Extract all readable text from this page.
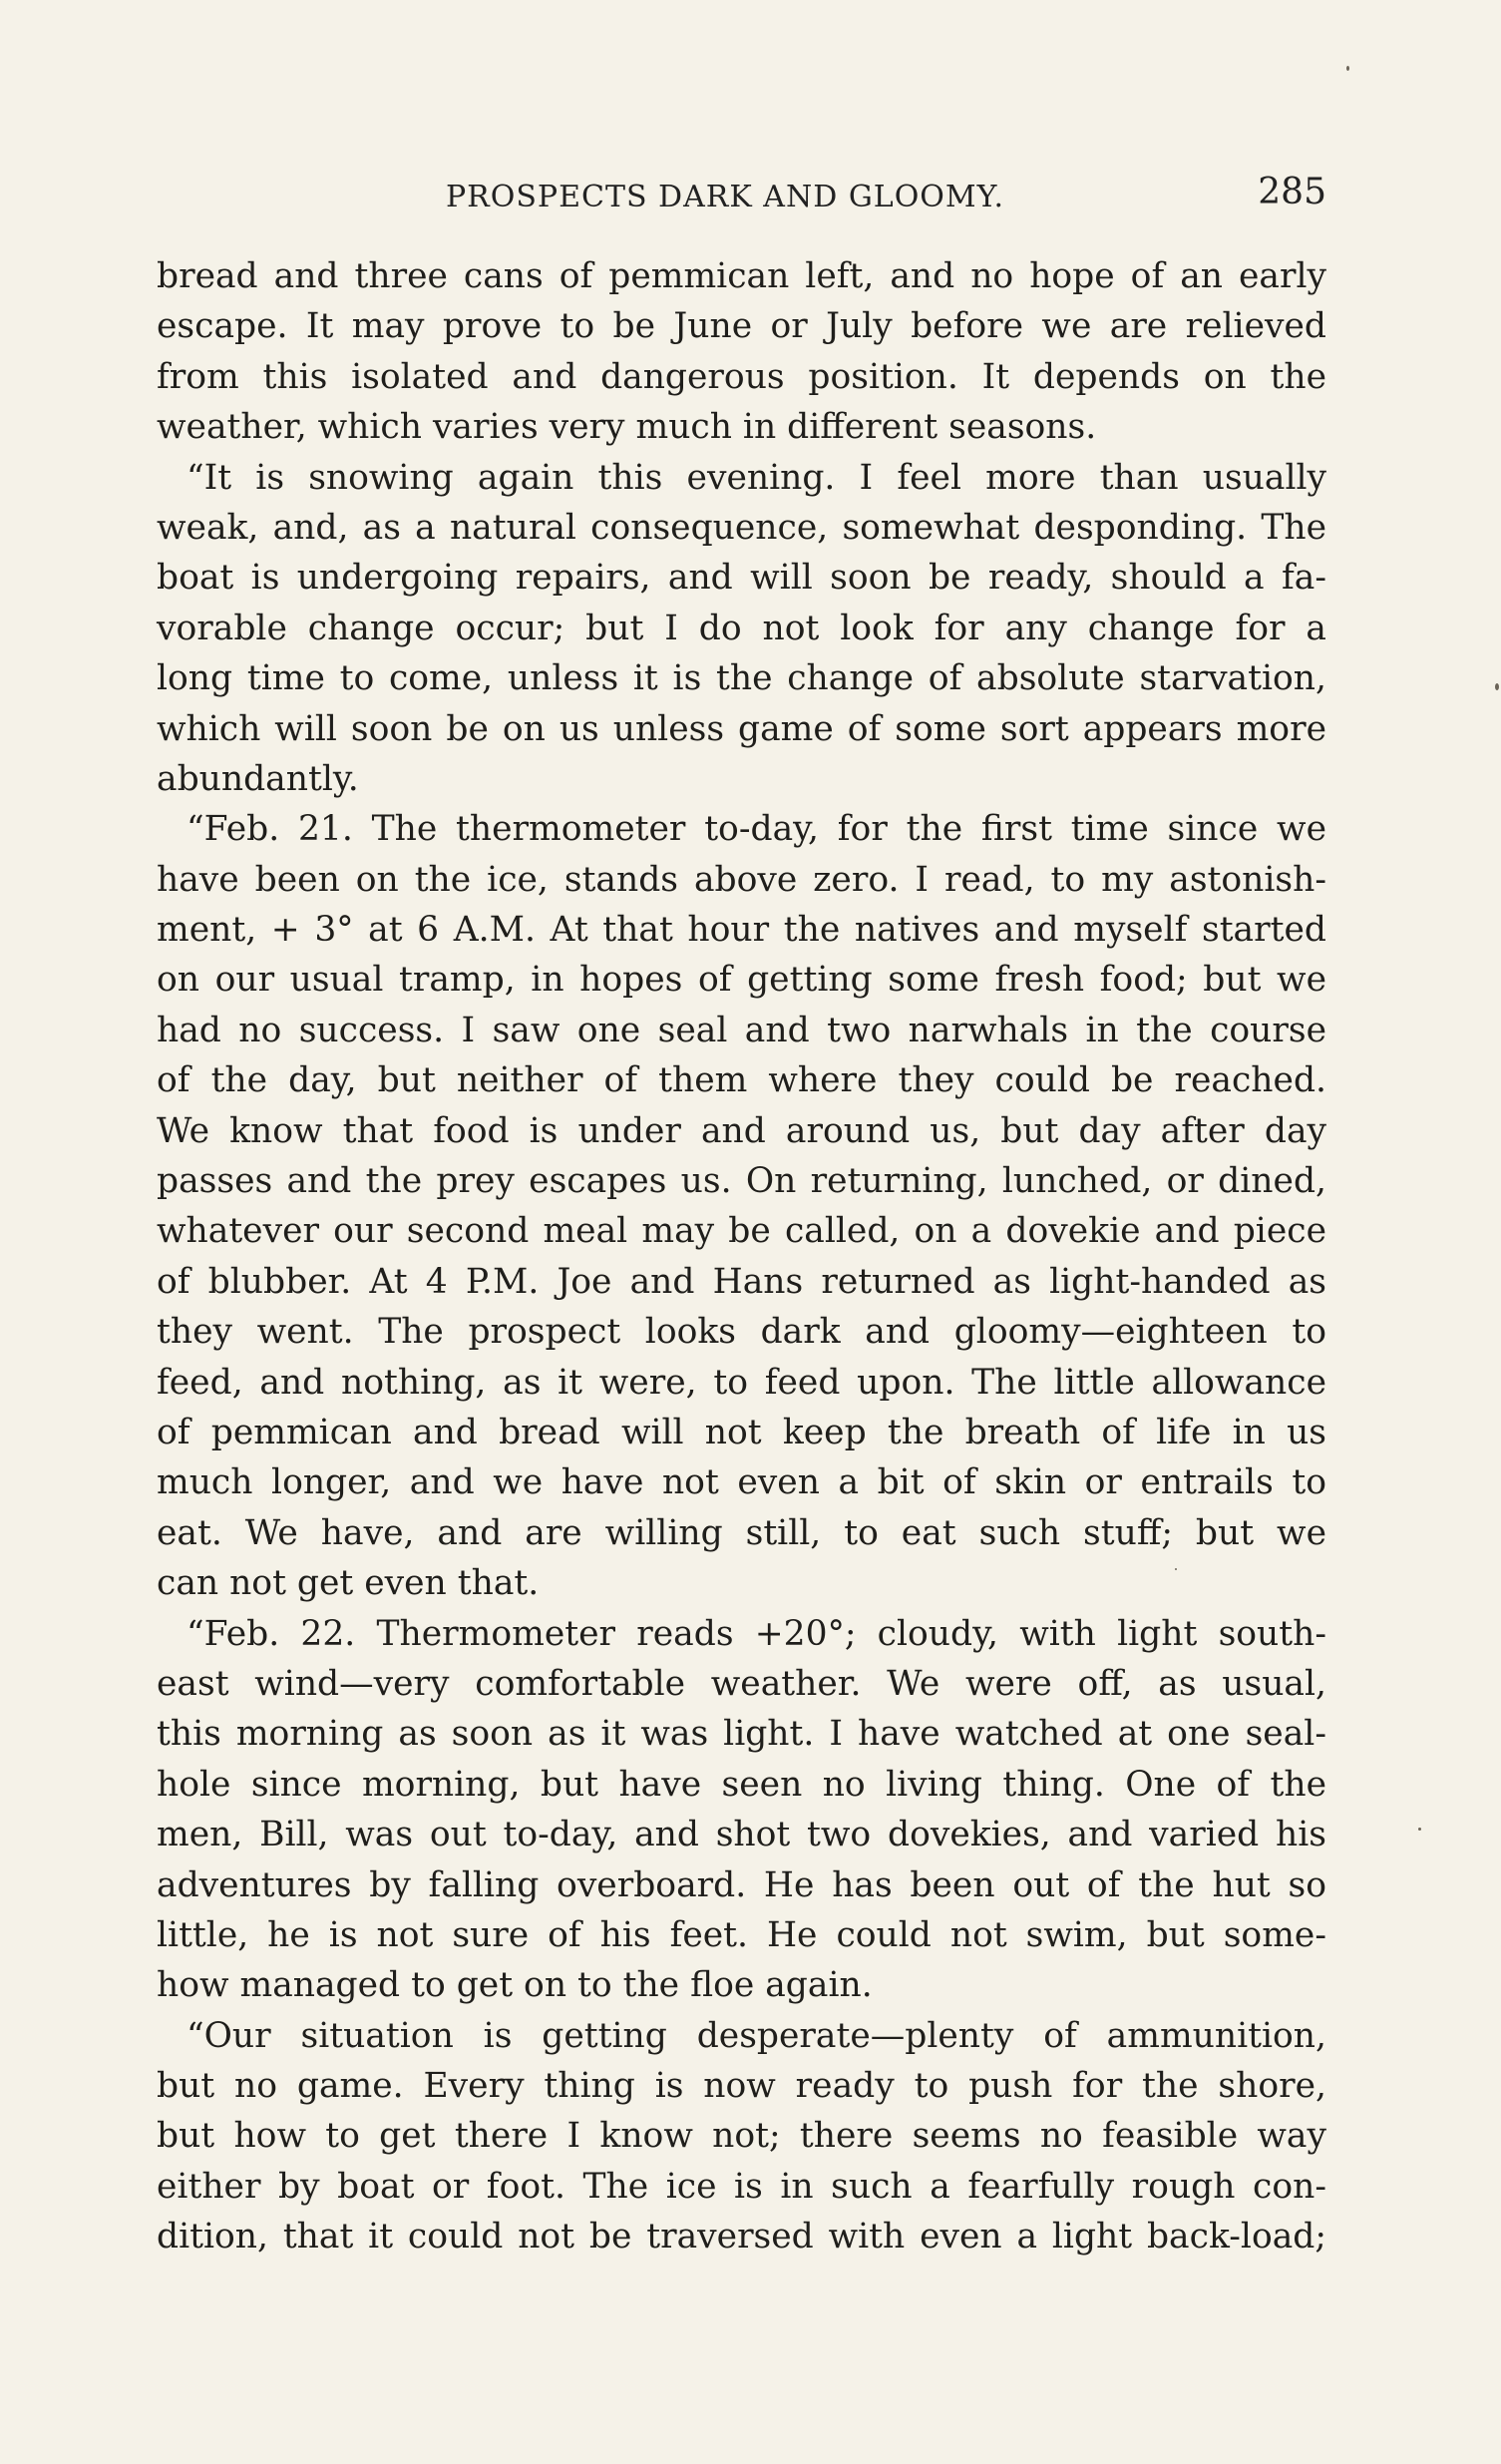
PROSPECTS DARK AND GLOOMY.	285
bread and three cans of pemmican left, and no hope of an early
escape. It may prove to be June or July before we are relieved
from this isolated and dangerous position. It depends on the
weather, which varies very much in different seasons.
“It is snowing again this evening. I feel more than usually
weak, and, as a natural consequence, somewhat desponding. The
boat is undergoing repairs, and will soon be ready, should a fa-
vorable change occur; but I do not look for any change for a
long time to come, unless it is the change of absolute starvation,
which will soon be on us unless game of some sort appears more
abundantly.
“Feb. 21. The thermometer to-day, for the first time since we
have been on the ice, stands above zero. I read, to my astonish-
ment, + 3° at 6 A.M. At that hour the natives and myself started
on our usual tramp, in hopes of getting some fresh food; but we
had no success. I saw one seal and two narwhals in the course
of the day, but neither of them where they could be reached.
We know that food is under and around us, but day after day
passes and the prey escapes us. On returning, lunched, or dined,
whatever our second meal may be called, on a dovekie and piece
of blubber. At 4 P.M. Joe and Hans returned as light-handed as
they went. The prospect looks dark and gloomy—eighteen to
feed, and nothing, as it were, to feed upon. The little allowance
of pemmican and bread will not keep the breath of life in us
much longer, and we have not even a bit of skin or entrails to
eat. We have, and are willing still, to eat such stuff; but we
can not get even that.
“Feb. 22. Thermometer reads +20°; cloudy, with light south-
east wind—very comfortable weather. We were off, as usual,
this morning as soon as it was light. I have watched at one seal-
hole since morning, but have seen no living thing. One of the
men, Bill, was out to-day, and shot two dovekies, and varied his
adventures by falling overboard. He has been out of the hut so
little, he is not sure of his feet. He could not swim, but some-
how managed to get on to the floe again.
“Our situation is getting desperate—plenty of ammunition,
but no game. Every thing is now ready to push for the shore,
but how to get there I know not; there seems no feasible way
either by boat or foot. The ice is in such a fearfully rough con-
dition, that it could not be traversed with even a light back-load;
